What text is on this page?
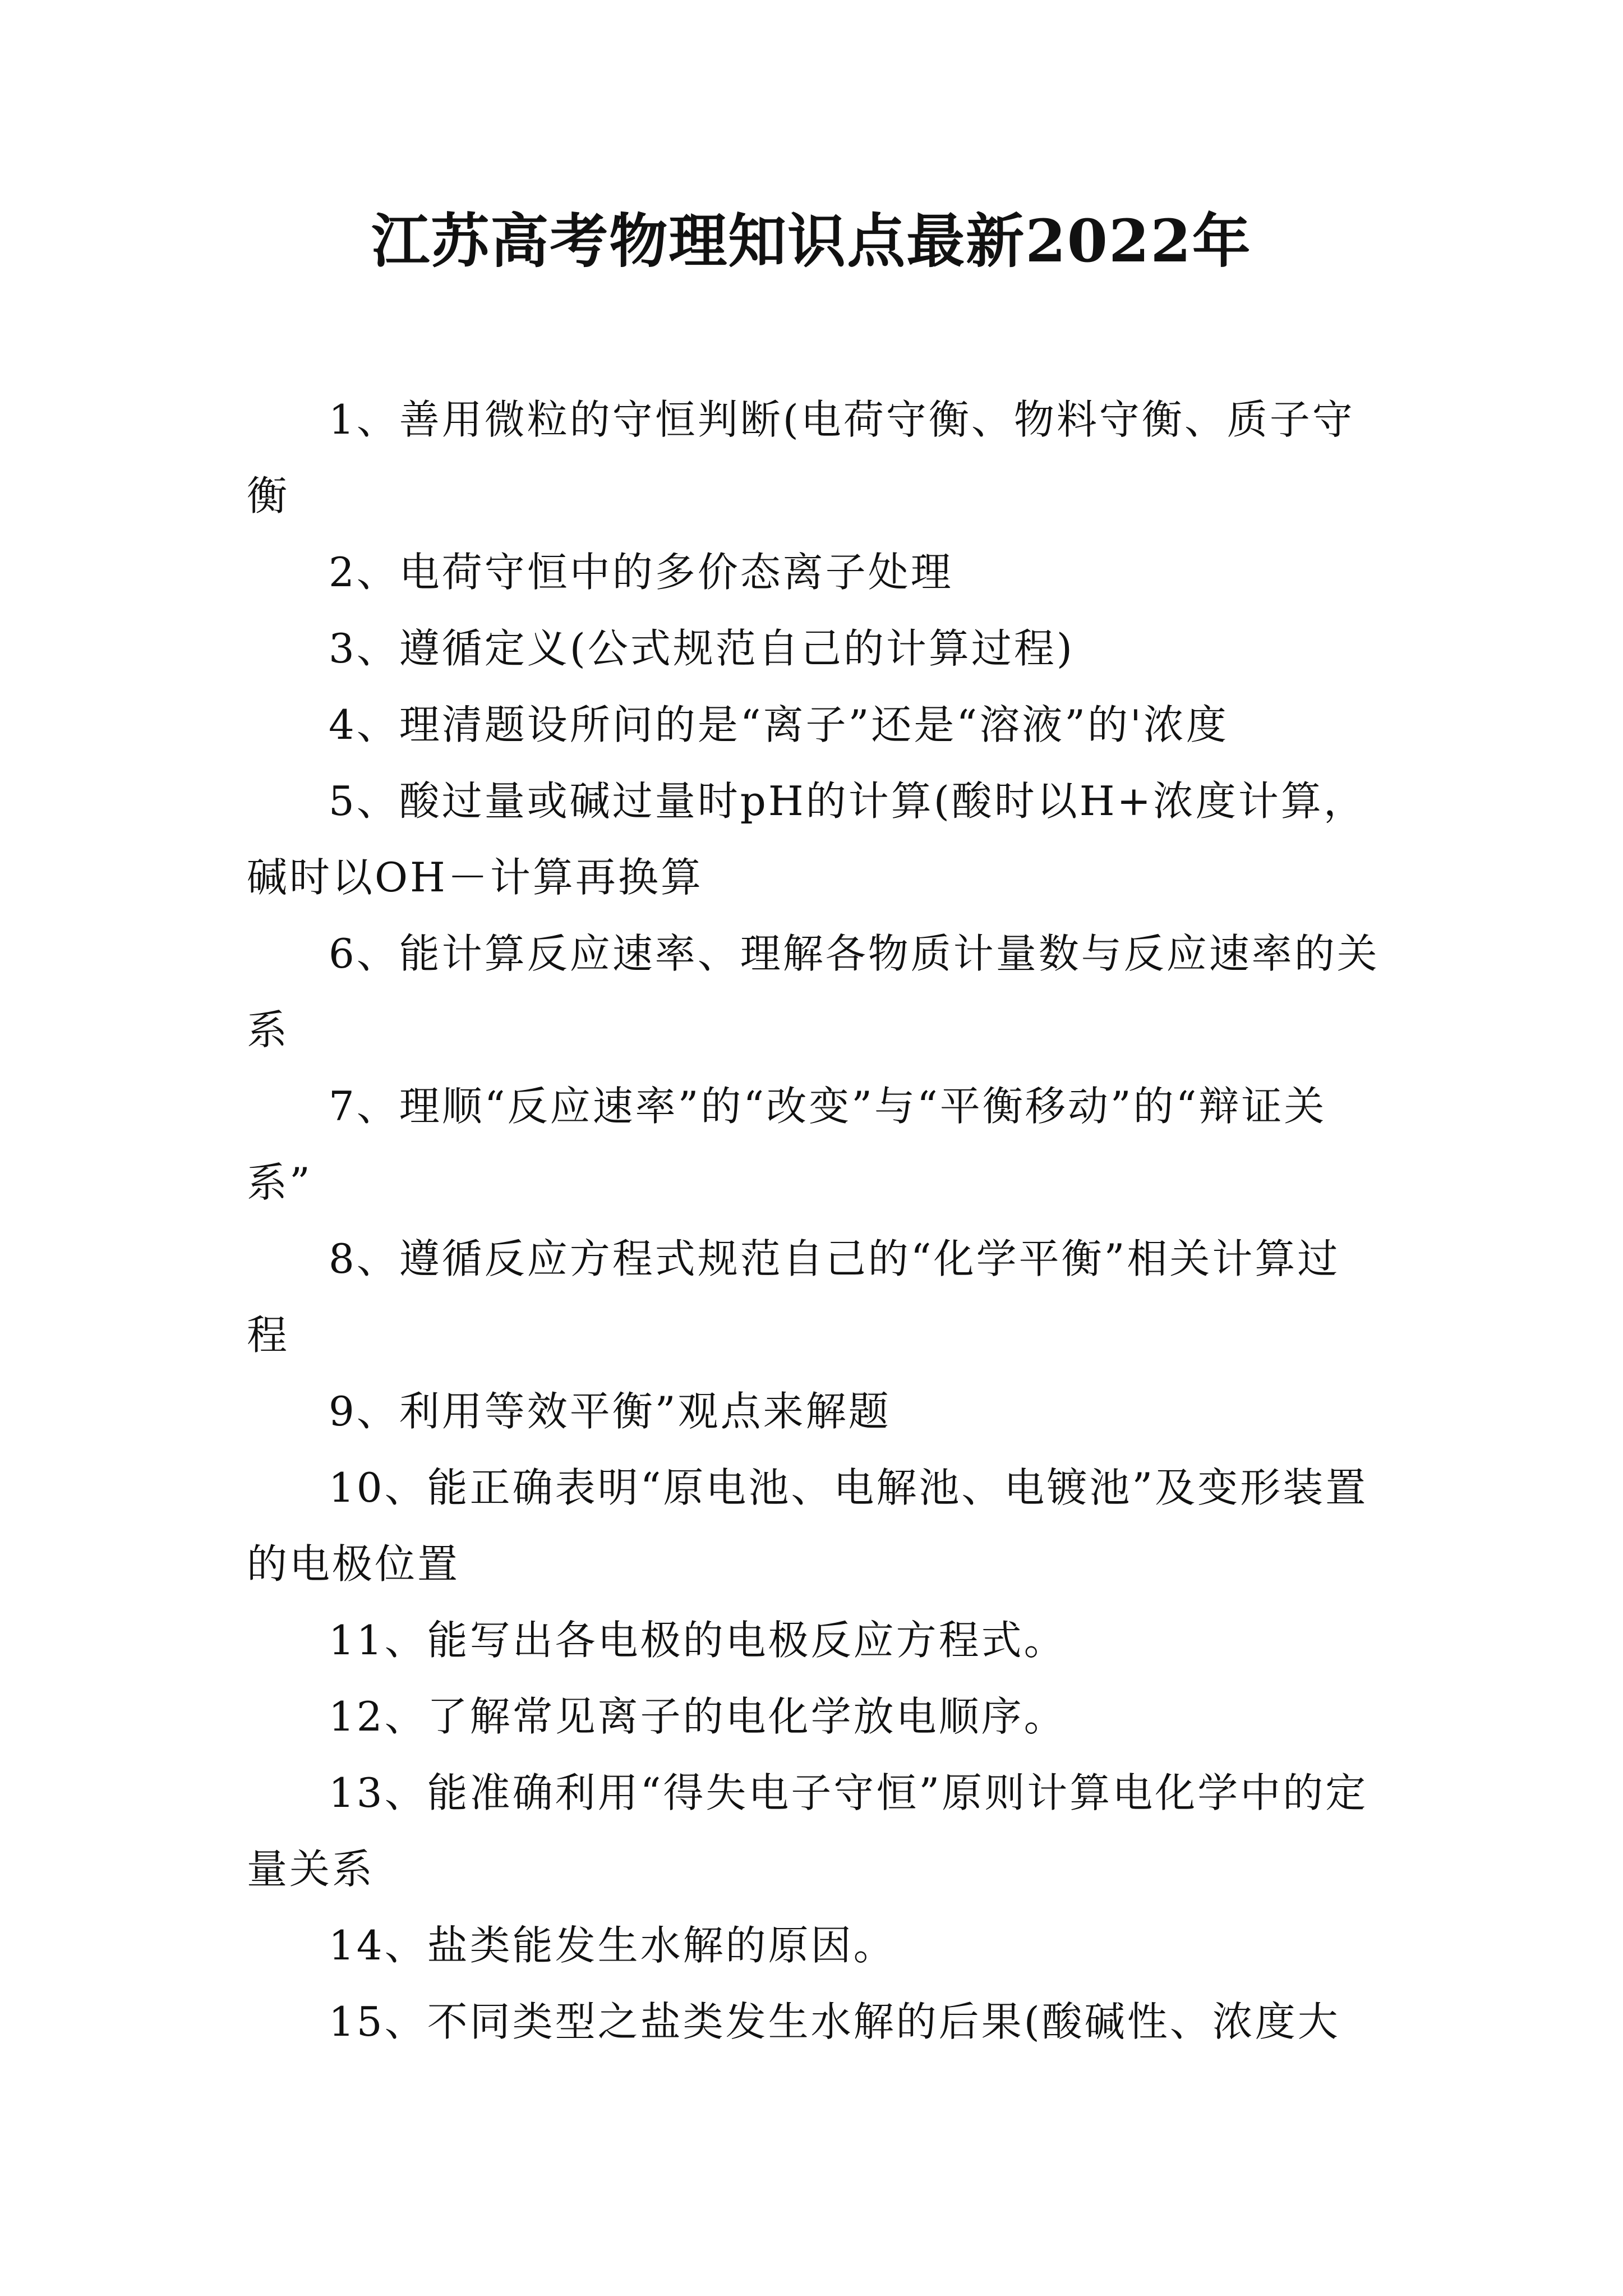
江苏高考物理知识点最新2022年

1、善用微粒的守恒判断(电荷守衡、物料守衡、质子守衡

2、电荷守恒中的多价态离子处理

3、遵循定义(公式规范自己的计算过程)

4、理清题设所问的是“离子”还是“溶液”的'浓度

5、酸过量或碱过量时pH的计算(酸时以H+浓度计算，碱时以OH－计算再换算

6、能计算反应速率、理解各物质计量数与反应速率的关系

7、理顺“反应速率”的“改变”与“平衡移动”的“辩证关系”

8、遵循反应方程式规范自己的“化学平衡”相关计算过程

9、利用等效平衡”观点来解题

10、能正确表明“原电池、电解池、电镀池”及变形装置的电极位置

11、能写出各电极的电极反应方程式。

12、了解常见离子的电化学放电顺序。

13、能准确利用“得失电子守恒”原则计算电化学中的定量关系

14、盐类能发生水解的原因。

15、不同类型之盐类发生水解的后果(酸碱性、浓度大
